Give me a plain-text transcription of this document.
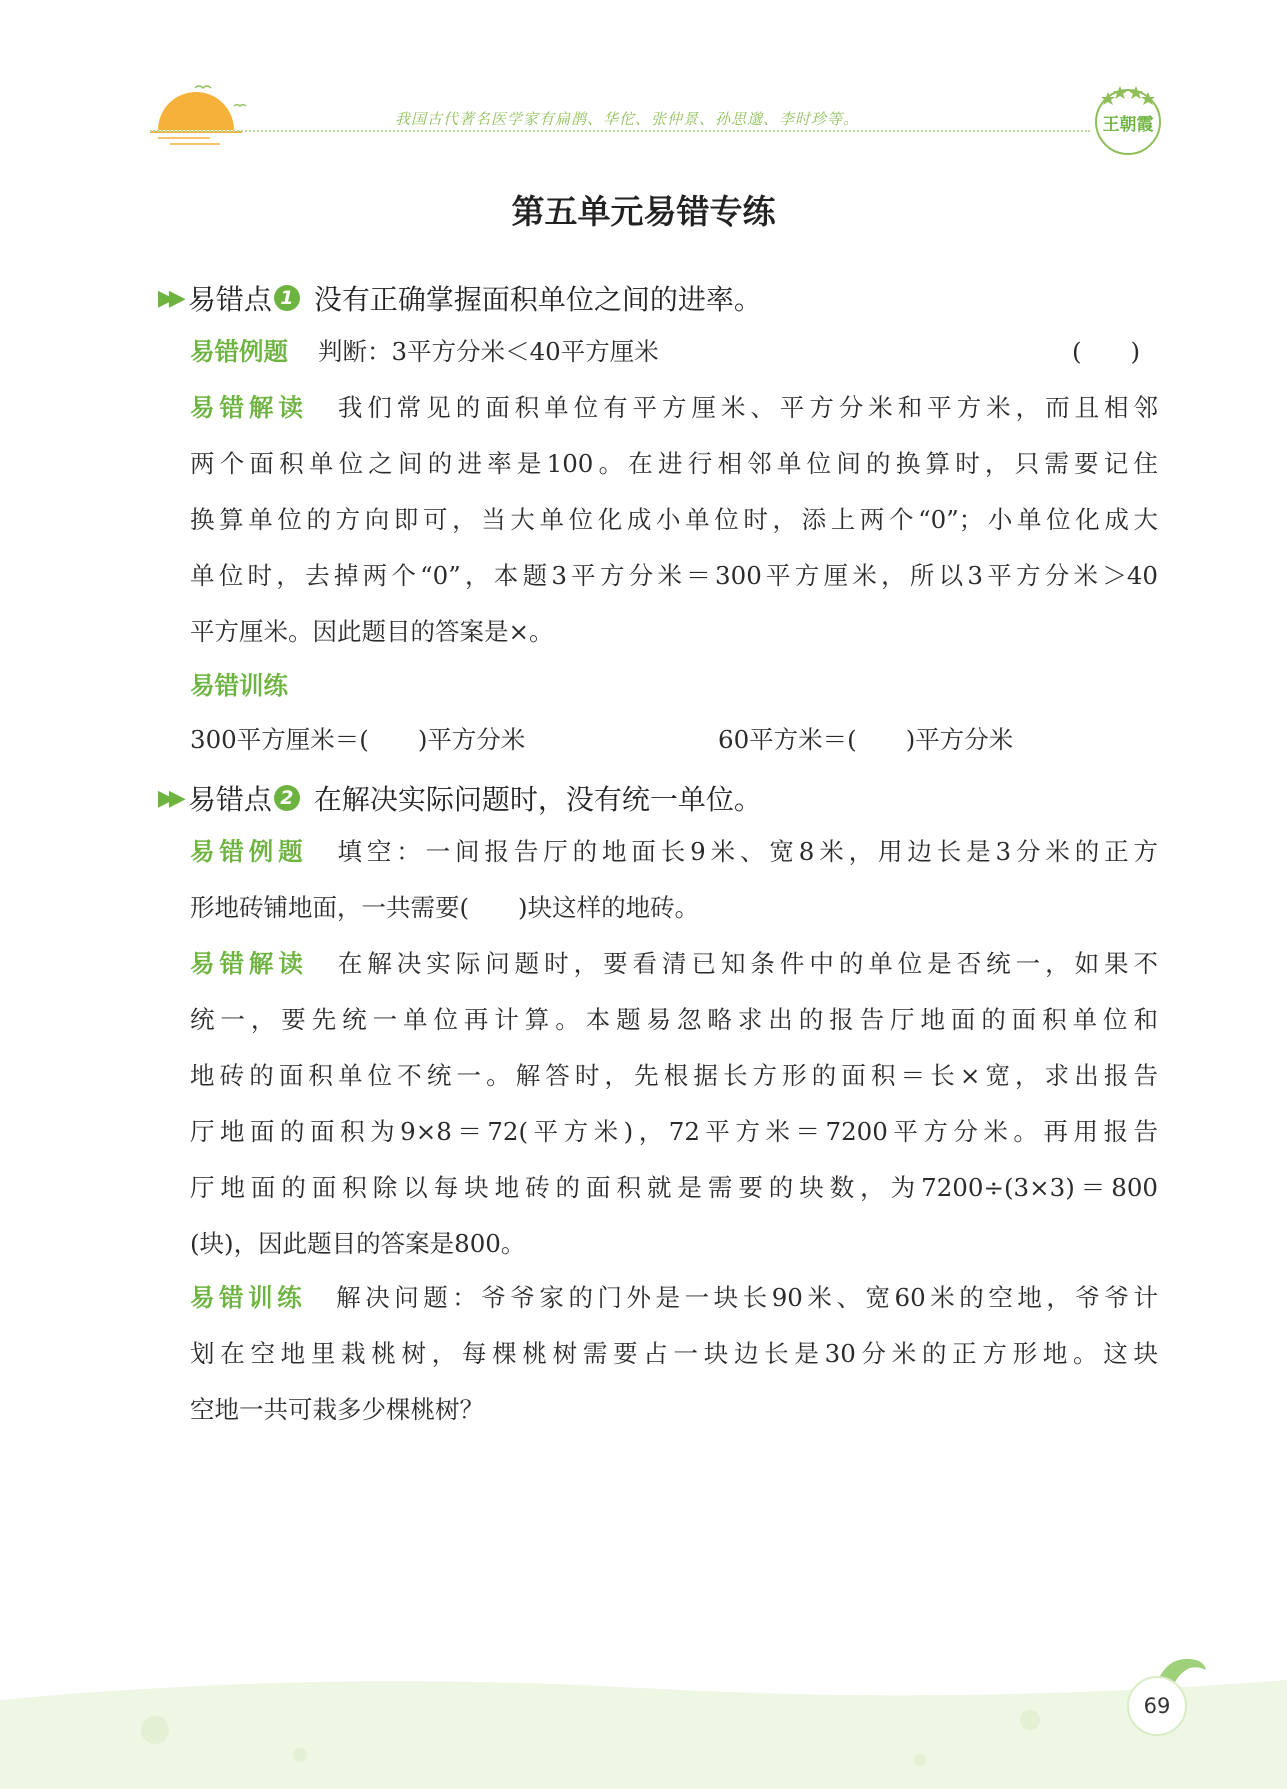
我国古代著名医学家有扁鹊、华佗、张仲景、孙思邈、李时珍等。	王朝霞
第五单元易错专练
▶▶ 易错点 1 没有正确掌握面积单位之间的进率。
易错例题 判断：3平方分米＜40平方厘米	(　　)
易错解读 我们常见的面积单位有平方厘米、平方分米和平方米，而且相邻
两个面积单位之间的进率是100。在进行相邻单位间的换算时，只需要记住
换算单位的方向即可，当大单位化成小单位时，添上两个“0”；小单位化成大
单位时，去掉两个“0”，本题3平方分米＝300平方厘米，所以3平方分米＞40
平方厘米。因此题目的答案是×。
易错训练
300平方厘米＝(　　)平方分米	60平方米＝(　　)平方分米
▶▶ 易错点 2 在解决实际问题时，没有统一单位。
易错例题 填空：一间报告厅的地面长9米、宽8米，用边长是3分米的正方
形地砖铺地面，一共需要(　　)块这样的地砖。
易错解读 在解决实际问题时，要看清已知条件中的单位是否统一，如果不
统一，要先统一单位再计算。本题易忽略求出的报告厅地面的面积单位和
地砖的面积单位不统一。解答时，先根据长方形的面积＝长×宽，求出报告
厅地面的面积为9×8＝72(平方米)，72平方米＝7200平方分米。再用报告
厅地面的面积除以每块地砖的面积就是需要的块数，为7200÷(3×3)＝800
(块)，因此题目的答案是800。
易错训练 解决问题：爷爷家的门外是一块长90米、宽60米的空地，爷爷计
划在空地里栽桃树，每棵桃树需要占一块边长是30分米的正方形地。这块
空地一共可栽多少棵桃树？
69
